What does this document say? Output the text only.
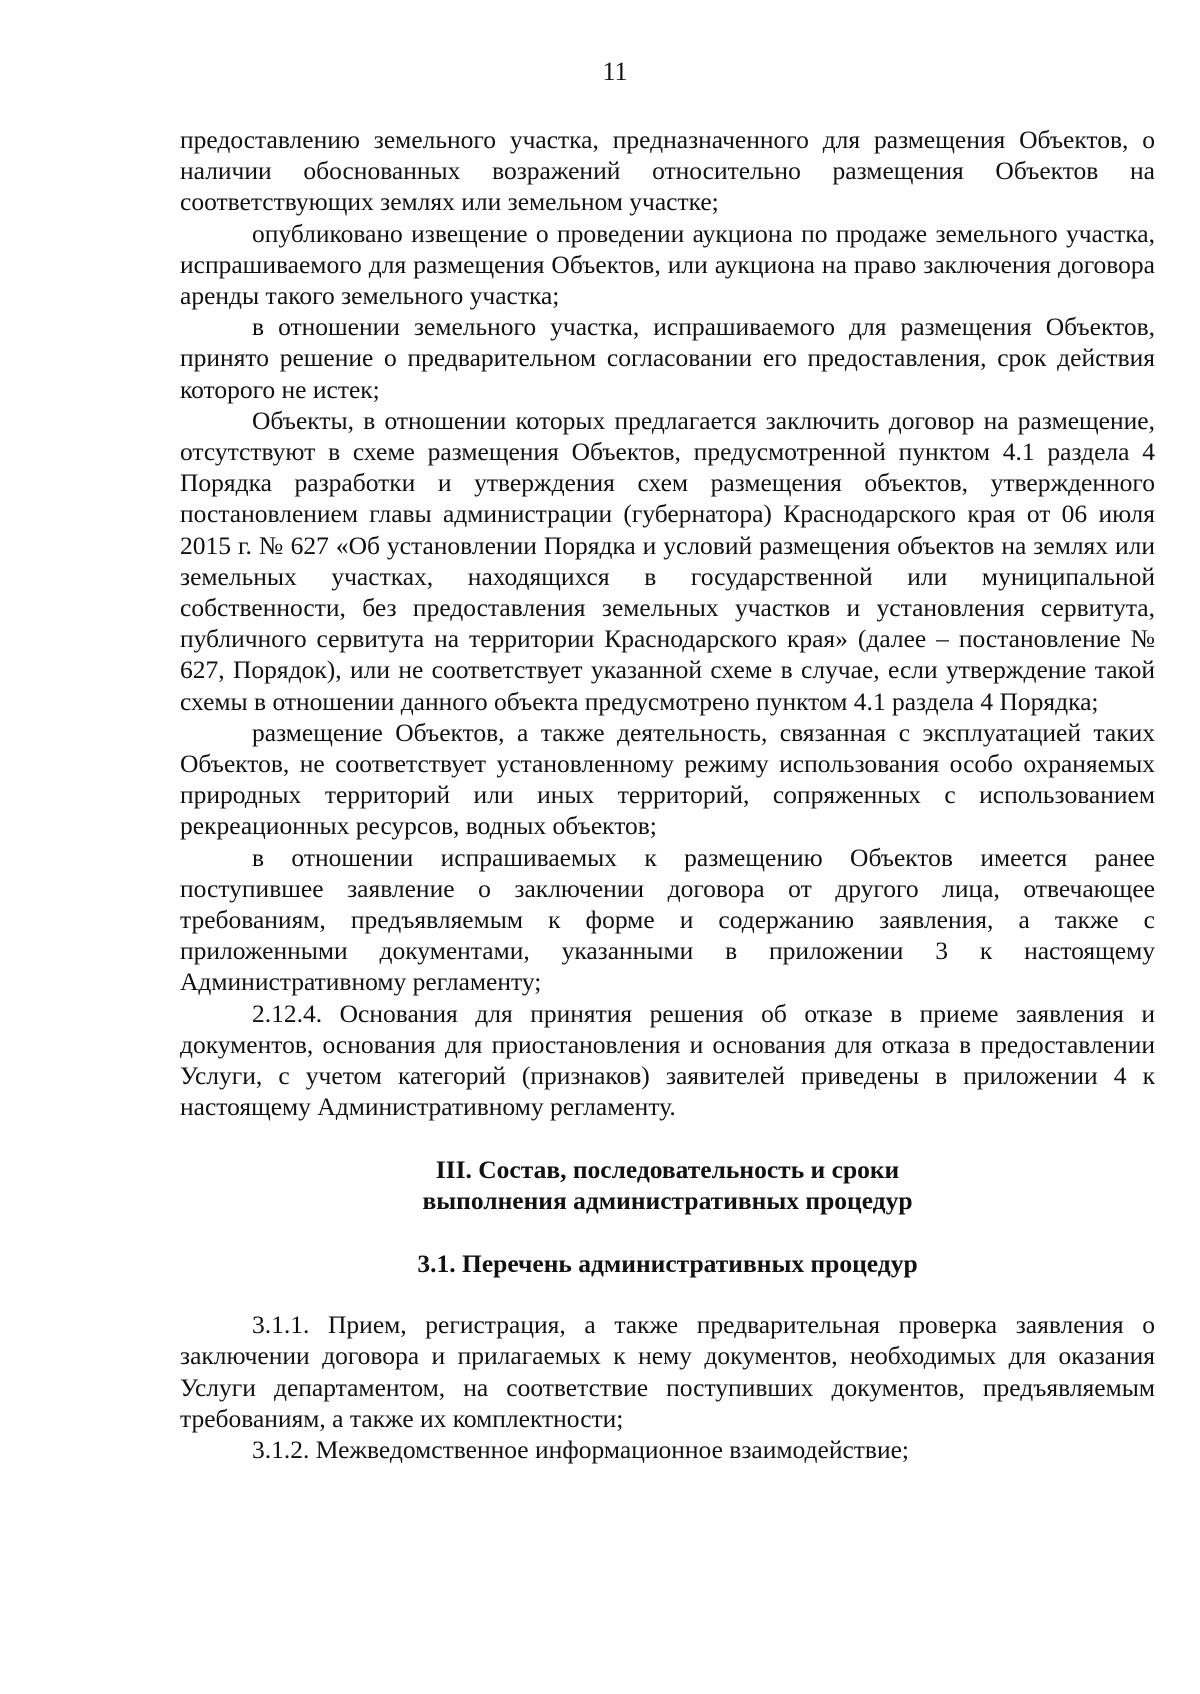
11

предоставлению земельного участка, предназначенного для размещения Объектов, о наличии обоснованных возражений относительно размещения Объектов на соответствующих землях или земельном участке;

опубликовано извещение о проведении аукциона по продаже земельного участка, испрашиваемого для размещения Объектов, или аукциона на право заключения договора аренды такого земельного участка;

в отношении земельного участка, испрашиваемого для размещения Объектов, принято решение о предварительном согласовании его предоставления, срок действия которого не истек;

Объекты, в отношении которых предлагается заключить договор на размещение, отсутствуют в схеме размещения Объектов, предусмотренной пунктом 4.1 раздела 4 Порядка разработки и утверждения схем размещения объектов, утвержденного постановлением главы администрации (губернатора) Краснодарского края от 06 июля 2015 г. № 627 «Об установлении Порядка и условий размещения объектов на землях или земельных участках, находящихся в государственной или муниципальной собственности, без предоставления земельных участков и установления сервитута, публичного сервитута на территории Краснодарского края» (далее – постановление № 627, Порядок), или не соответствует указанной схеме в случае, если утверждение такой схемы в отношении данного объекта предусмотрено пунктом 4.1 раздела 4 Порядка;

размещение Объектов, а также деятельность, связанная с эксплуатацией таких Объектов, не соответствует установленному режиму использования особо охраняемых природных территорий или иных территорий, сопряженных с использованием рекреационных ресурсов, водных объектов;

в отношении испрашиваемых к размещению Объектов имеется ранее поступившее заявление о заключении договора от другого лица, отвечающее требованиям, предъявляемым к форме и содержанию заявления, а также с приложенными документами, указанными в приложении 3 к настоящему Административному регламенту;

2.12.4. Основания для принятия решения об отказе в приеме заявления и документов, основания для приостановления и основания для отказа в предоставлении Услуги, с учетом категорий (признаков) заявителей приведены в приложении 4 к настоящему Административному регламенту.

III. Состав, последовательность и сроки

выполнения административных процедур

3.1. Перечень административных процедур

3.1.1. Прием, регистрация, а также предварительная проверка заявления о заключении договора и прилагаемых к нему документов, необходимых для оказания Услуги департаментом, на соответствие поступивших документов, предъявляемым требованиям, а также их комплектности;

3.1.2. Межведомственное информационное взаимодействие;
